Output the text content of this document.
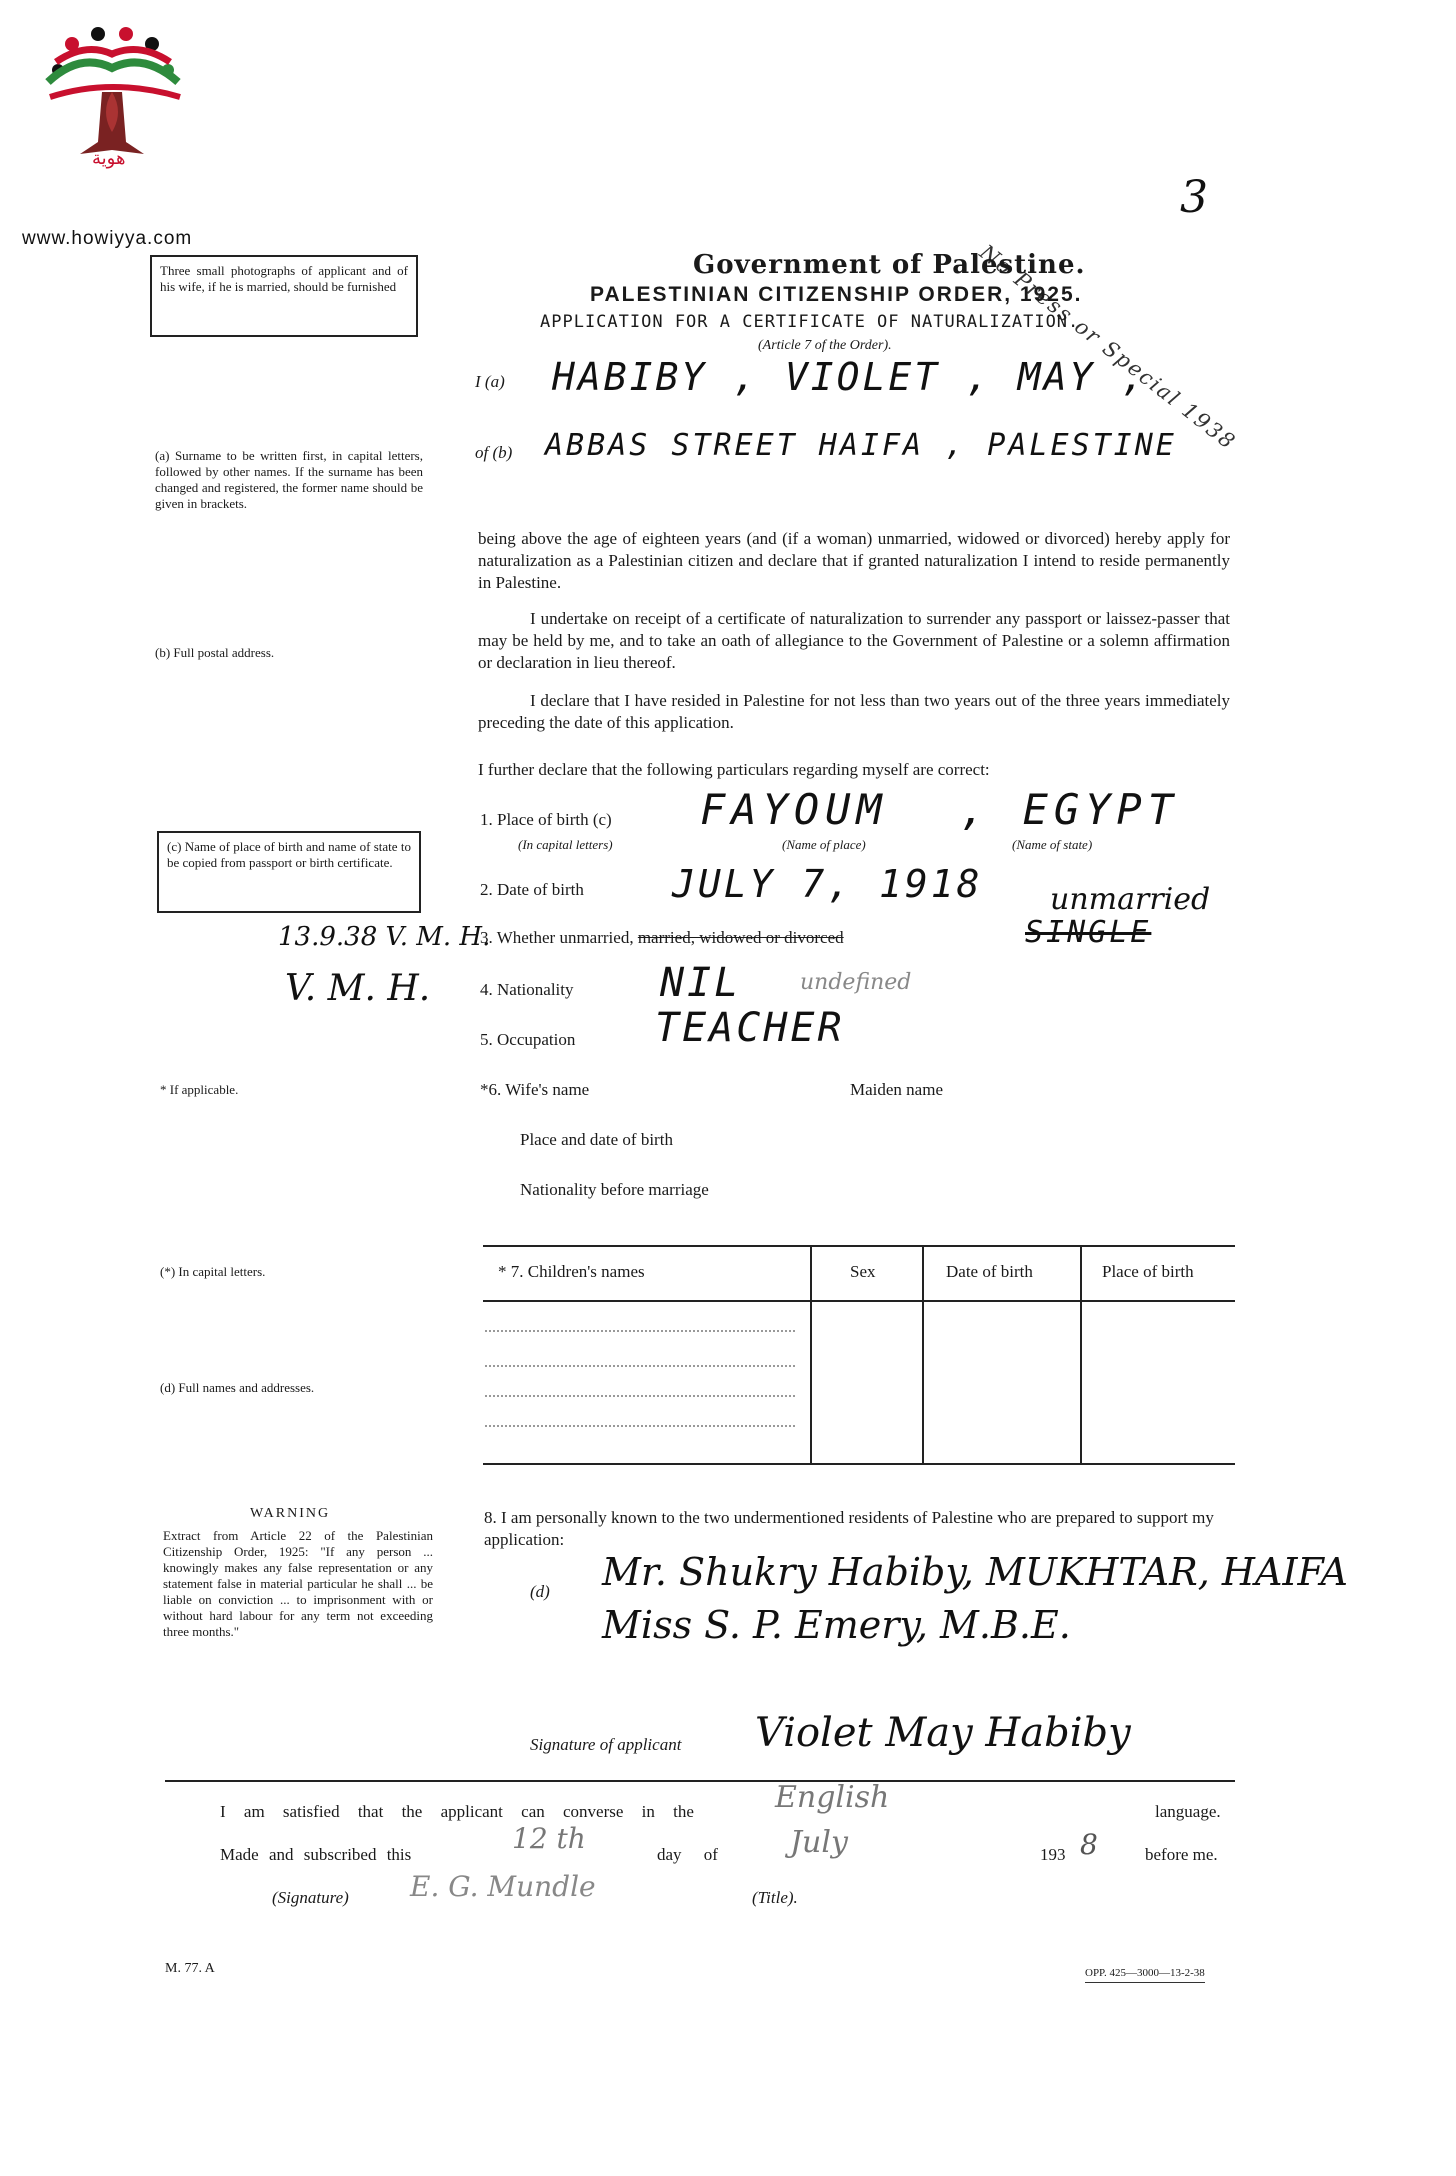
www.howiyya.com
هوية
3
No Press or Special 1938
Government of Palestine.
PALESTINIAN CITIZENSHIP ORDER, 1925.
APPLICATION FOR A CERTIFICATE OF NATURALIZATION.
(Article 7 of the Order).
Three small photographs of applicant and of his wife, if he is married, should be furnished
(a) Surname to be written first, in capital letters, followed by other names. If the surname has been changed and registered, the former name should be given in brackets.
(b) Full postal address.
(c) Name of place of birth and name of state to be copied from passport or birth certificate.
13.9.38 V. M. H.
V. M. H.
* If applicable.
(*) In capital letters.
(d) Full names and addresses.
WARNING
Extract from Article 22 of the Palestinian Citizenship Order, 1925: "If any person ... knowingly makes any false representation or any statement false in material particular he shall ... be liable on conviction ... to imprisonment with or without hard labour for any term not exceeding three months."
I (a) HABIBY , VIOLET , MAY ,
of (b) ABBAS STREET HAIFA , PALESTINE
being above the age of eighteen years (and (if a woman) unmarried, widowed or divorced) hereby apply for naturalization as a Palestinian citizen and declare that if granted naturalization I intend to reside permanently in Palestine.
I undertake on receipt of a certificate of naturalization to surrender any passport or laissez-passer that may be held by me, and to take an oath of allegiance to the Government of Palestine or a solemn affirmation or declaration in lieu thereof.
I declare that I have resided in Palestine for not less than two years out of the three years immediately preceding the date of this application.
I further declare that the following particulars regarding myself are correct:
1. Place of birth (c) FAYOUM , EGYPT
(In capital letters)	(Name of place)	(Name of state)
2. Date of birth JULY 7, 1918
3. Whether unmarried, married, widowed or divorced
unmarried
SINGLE
4. Nationality NIL	undefined
5. Occupation TEACHER
*6. Wife's name	Maiden name
Place and date of birth
Nationality before marriage
* 7. Children's names	Sex	Date of birth	Place of birth
8. I am personally known to the two undermentioned residents of Palestine who are prepared to support my application:
(d) Mr. Shukry Habiby, MUKHTAR, HAIFA
Miss S. P. Emery, M.B.E.
Signature of applicant Violet May Habiby
I am satisfied that the applicant can converse in the	English	language.
Made and subscribed this	12 th	day of July	193 8	before me.
(Signature) E. G. Mundle	(Title).
M. 77. A	OPP. 425—3000—13-2-38
